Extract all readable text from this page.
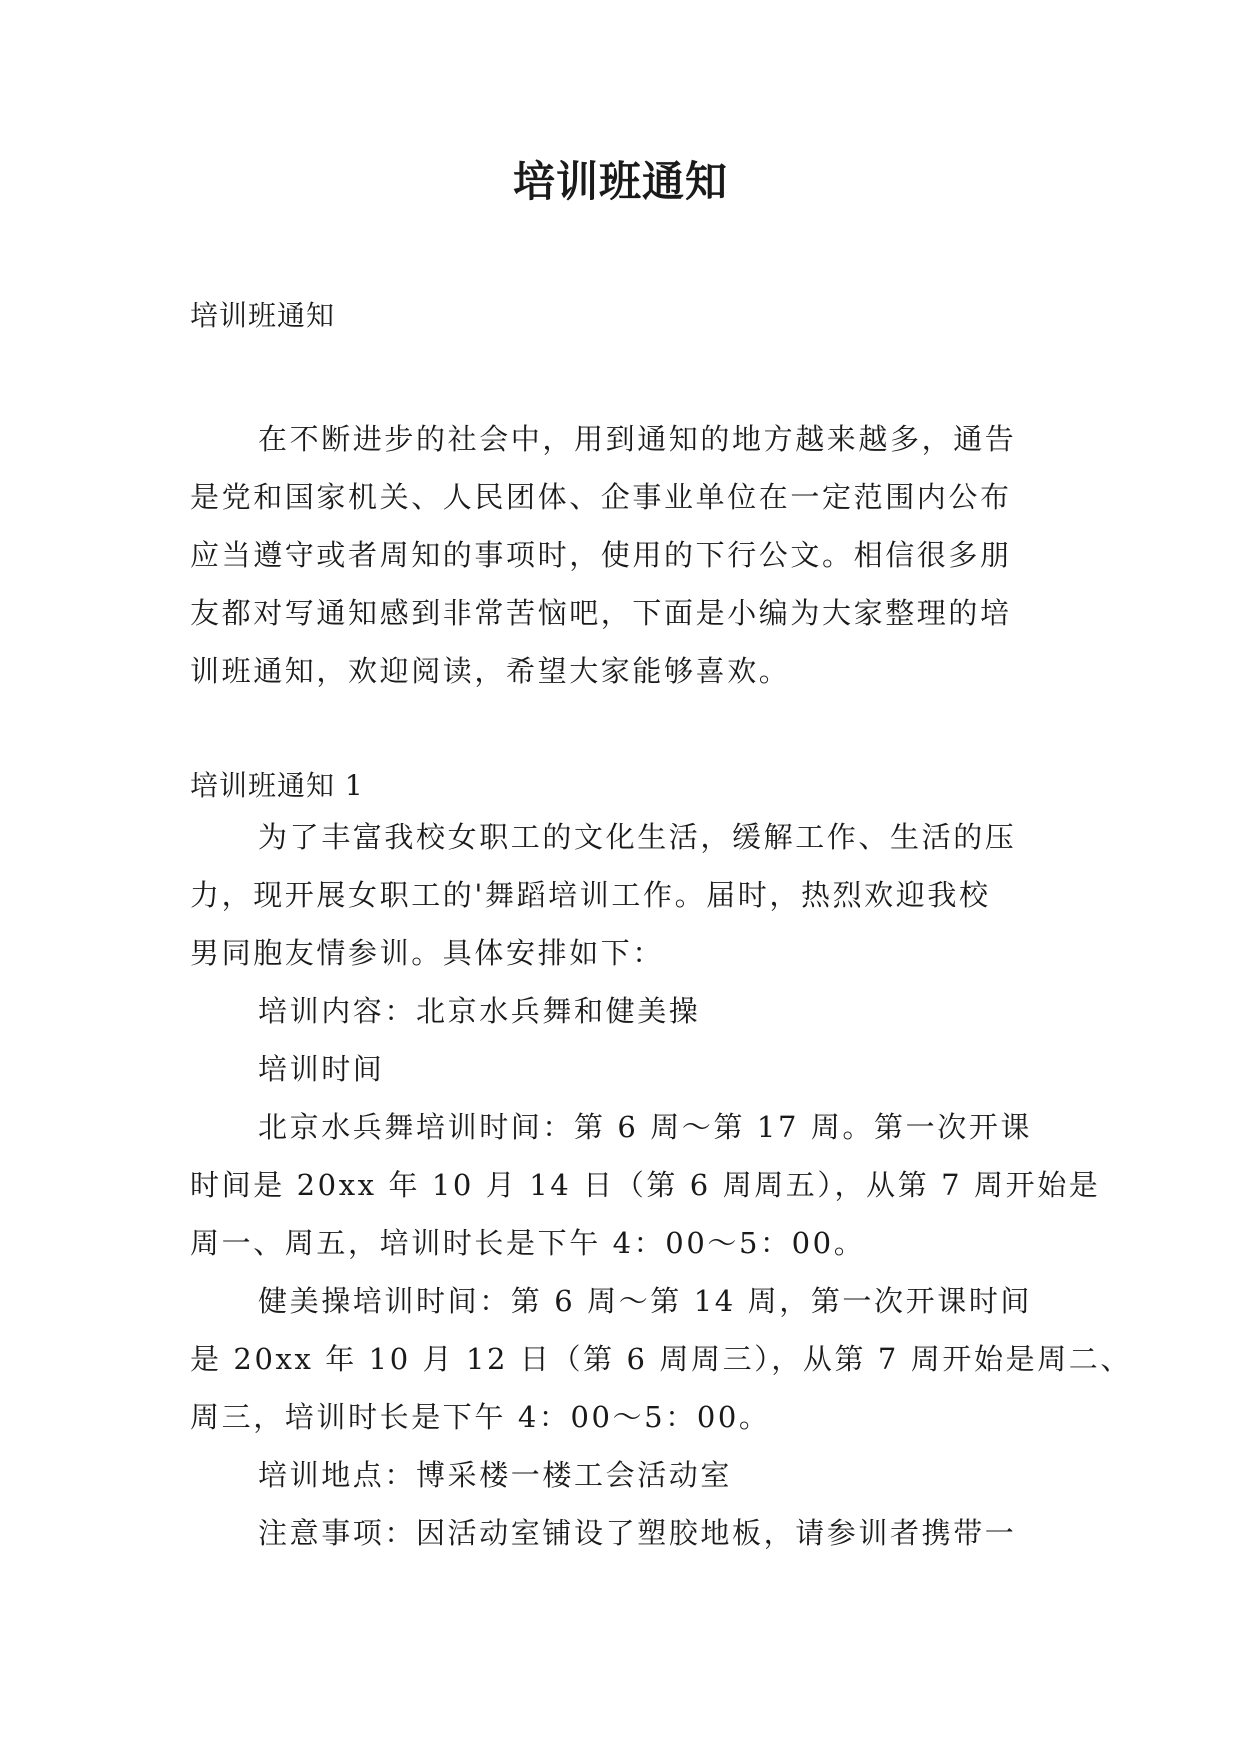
培训班通知

培训班通知

在不断进步的社会中，用到通知的地方越来越多，通告

是党和国家机关、人民团体、企事业单位在一定范围内公布

应当遵守或者周知的事项时，使用的下行公文。相信很多朋

友都对写通知感到非常苦恼吧，下面是小编为大家整理的培

训班通知，欢迎阅读，希望大家能够喜欢。

培训班通知 1

为了丰富我校女职工的文化生活，缓解工作、生活的压

力，现开展女职工的'舞蹈培训工作。届时，热烈欢迎我校

男同胞友情参训。具体安排如下：

培训内容：北京水兵舞和健美操

培训时间

北京水兵舞培训时间：第 6 周～第 17 周。第一次开课

时间是 20xx 年 10 月 14 日（第 6 周周五），从第 7 周开始是

周一、周五，培训时长是下午 4：00～5：00。

健美操培训时间：第 6 周～第 14 周，第一次开课时间

是 20xx 年 10 月 12 日（第 6 周周三），从第 7 周开始是周二、

周三，培训时长是下午 4：00～5：00。

培训地点：博采楼一楼工会活动室

注意事项：因活动室铺设了塑胶地板，请参训者携带一
